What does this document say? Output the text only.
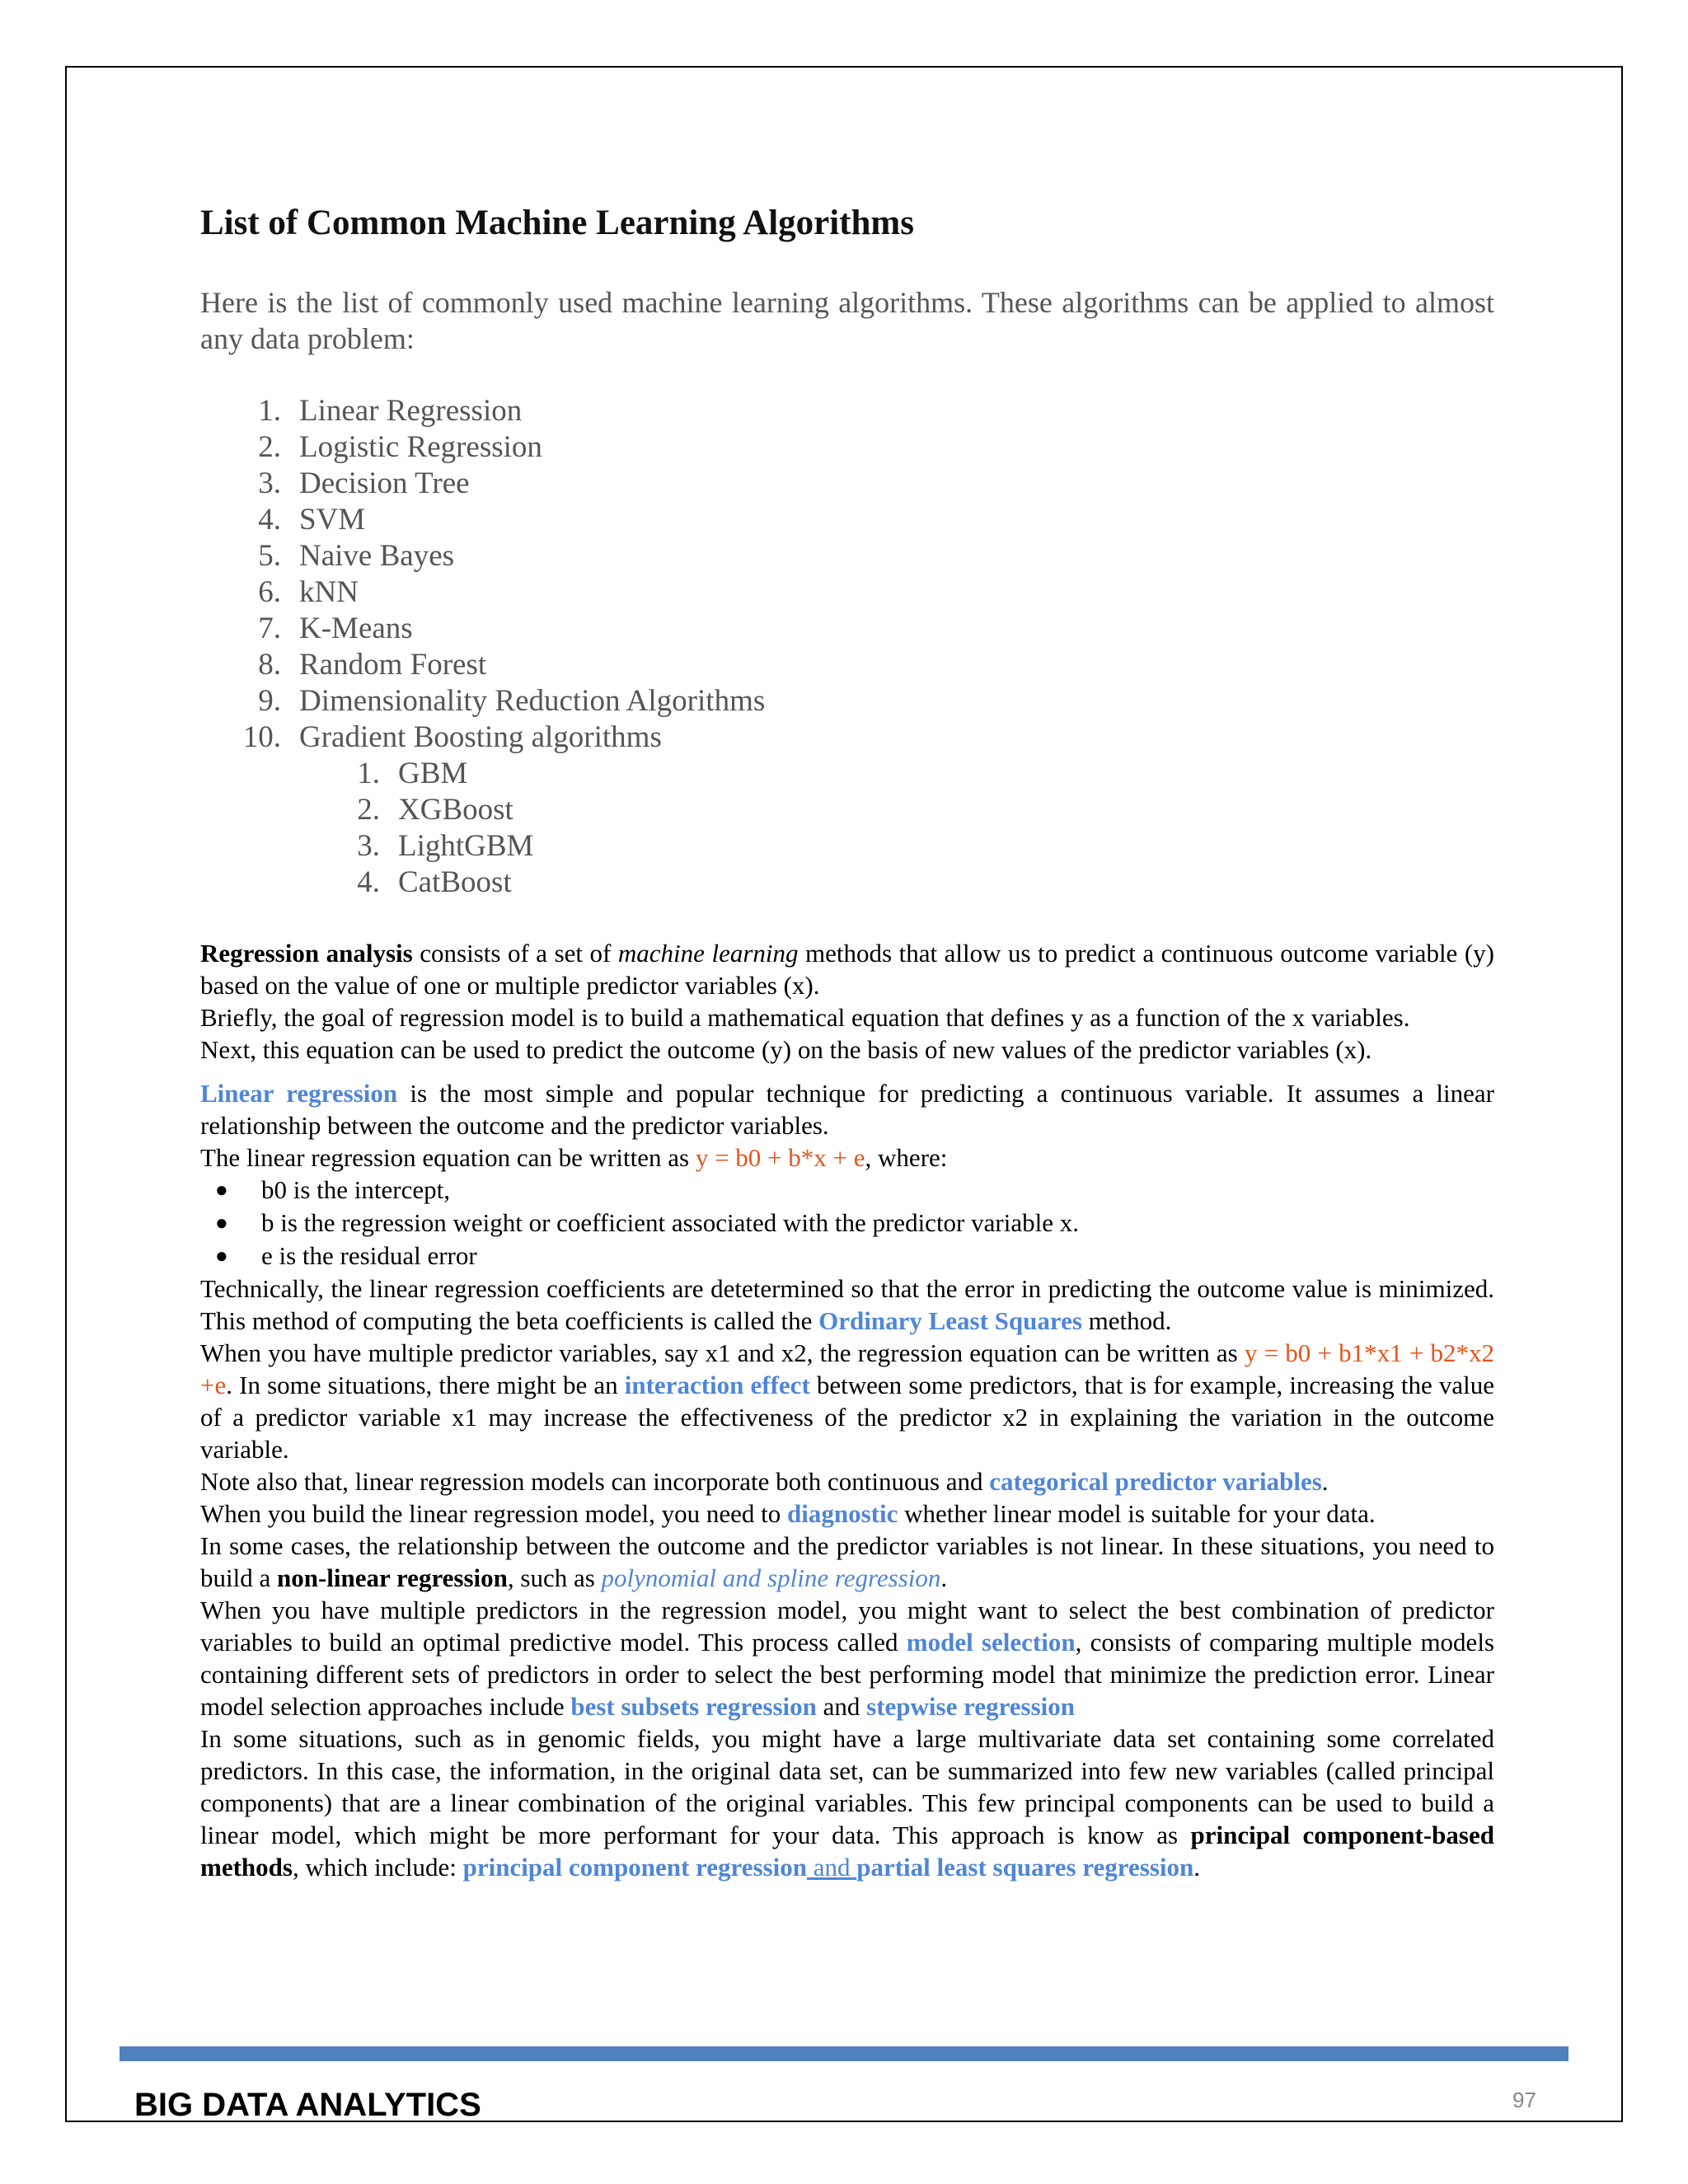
List of Common Machine Learning Algorithms

Here is the list of commonly used machine learning algorithms. These algorithms can be applied to almost any data problem:

1. Linear Regression
2. Logistic Regression
3. Decision Tree
4. SVM
5. Naive Bayes
6. kNN
7. K-Means
8. Random Forest
9. Dimensionality Reduction Algorithms
10. Gradient Boosting algorithms
1. GBM
2. XGBoost
3. LightGBM
4. CatBoost

Regression analysis consists of a set of machine learning methods that allow us to predict a continuous outcome variable (y) based on the value of one or multiple predictor variables (x).
Briefly, the goal of regression model is to build a mathematical equation that defines y as a function of the x variables.
Next, this equation can be used to predict the outcome (y) on the basis of new values of the predictor variables (x).

Linear regression is the most simple and popular technique for predicting a continuous variable. It assumes a linear relationship between the outcome and the predictor variables.
The linear regression equation can be written as y = b0 + b*x + e, where:

●	b0 is the intercept,
●	b is the regression weight or coefficient associated with the predictor variable x.
●	e is the residual error

Technically, the linear regression coefficients are detetermined so that the error in predicting the outcome value is minimized. This method of computing the beta coefficients is called the Ordinary Least Squares method.
When you have multiple predictor variables, say x1 and x2, the regression equation can be written as y = b0 + b1*x1 + b2*x2 +e. In some situations, there might be an interaction effect between some predictors, that is for example, increasing the value of a predictor variable x1 may increase the effectiveness of the predictor x2 in explaining the variation in the outcome variable.
Note also that, linear regression models can incorporate both continuous and categorical predictor variables.
When you build the linear regression model, you need to diagnostic whether linear model is suitable for your data.
In some cases, the relationship between the outcome and the predictor variables is not linear. In these situations, you need to build a non-linear regression, such as polynomial and spline regression.
When you have multiple predictors in the regression model, you might want to select the best combination of predictor variables to build an optimal predictive model. This process called model selection, consists of comparing multiple models containing different sets of predictors in order to select the best performing model that minimize the prediction error. Linear model selection approaches include best subsets regression and stepwise regression
In some situations, such as in genomic fields, you might have a large multivariate data set containing some correlated predictors. In this case, the information, in the original data set, can be summarized into few new variables (called principal components) that are a linear combination of the original variables. This few principal components can be used to build a linear model, which might be more performant for your data. This approach is know as principal component-based methods, which include: principal component regression and partial least squares regression.

BIG DATA ANALYTICS	97
